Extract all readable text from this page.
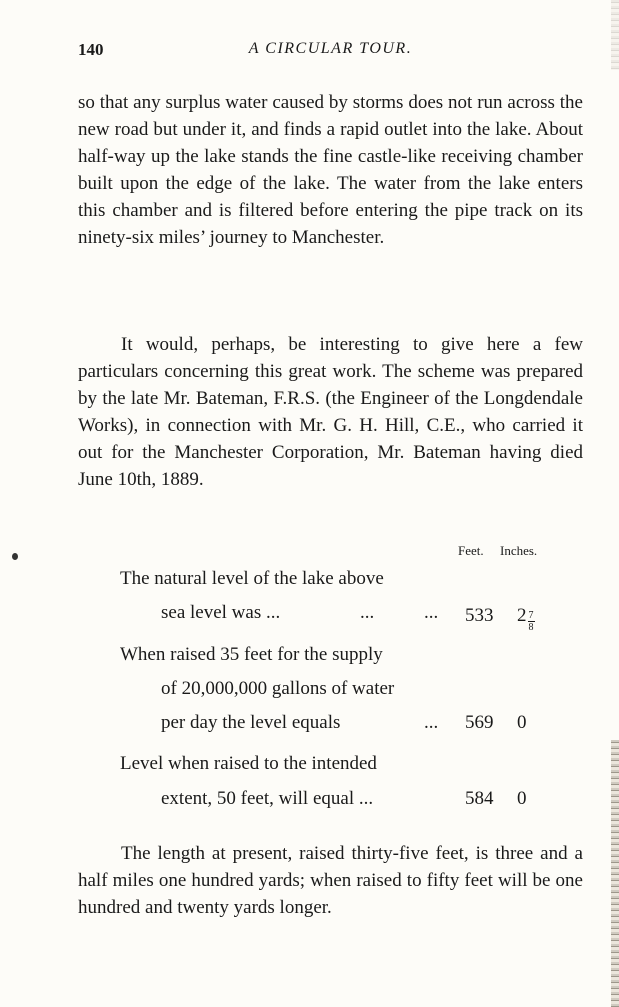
140	A CIRCULAR TOUR.

so that any surplus water caused by storms does not run across the new road but under it, and finds a rapid outlet into the lake. About half-way up the lake stands the fine castle-like receiving chamber built upon the edge of the lake. The water from the lake enters this chamber and is filtered before entering the pipe track on its ninety-six miles’ journey to Manchester.

It would, perhaps, be interesting to give here a few particulars concerning this great work. The scheme was prepared by the late Mr. Bateman, F.R.S. (the Engineer of the Longdendale Works), in connection with Mr. G. H. Hill, C.E., who carried it out for the Manchester Corporation, Mr. Bateman having died June 10th, 1889.

Feet. Inches.
The natural level of the lake above
sea level was ...	...	... 533 $2 \frac{7}{8}$
When raised 35 feet for the supply
of 20,000,000 gallons of water
per day the level equals	... 569 0
Level when raised to the intended
extent, 50 feet, will equal ...	584 0

The length at present, raised thirty-five feet, is three and a half miles one hundred yards; when raised to fifty feet will be one hundred and twenty yards longer.
